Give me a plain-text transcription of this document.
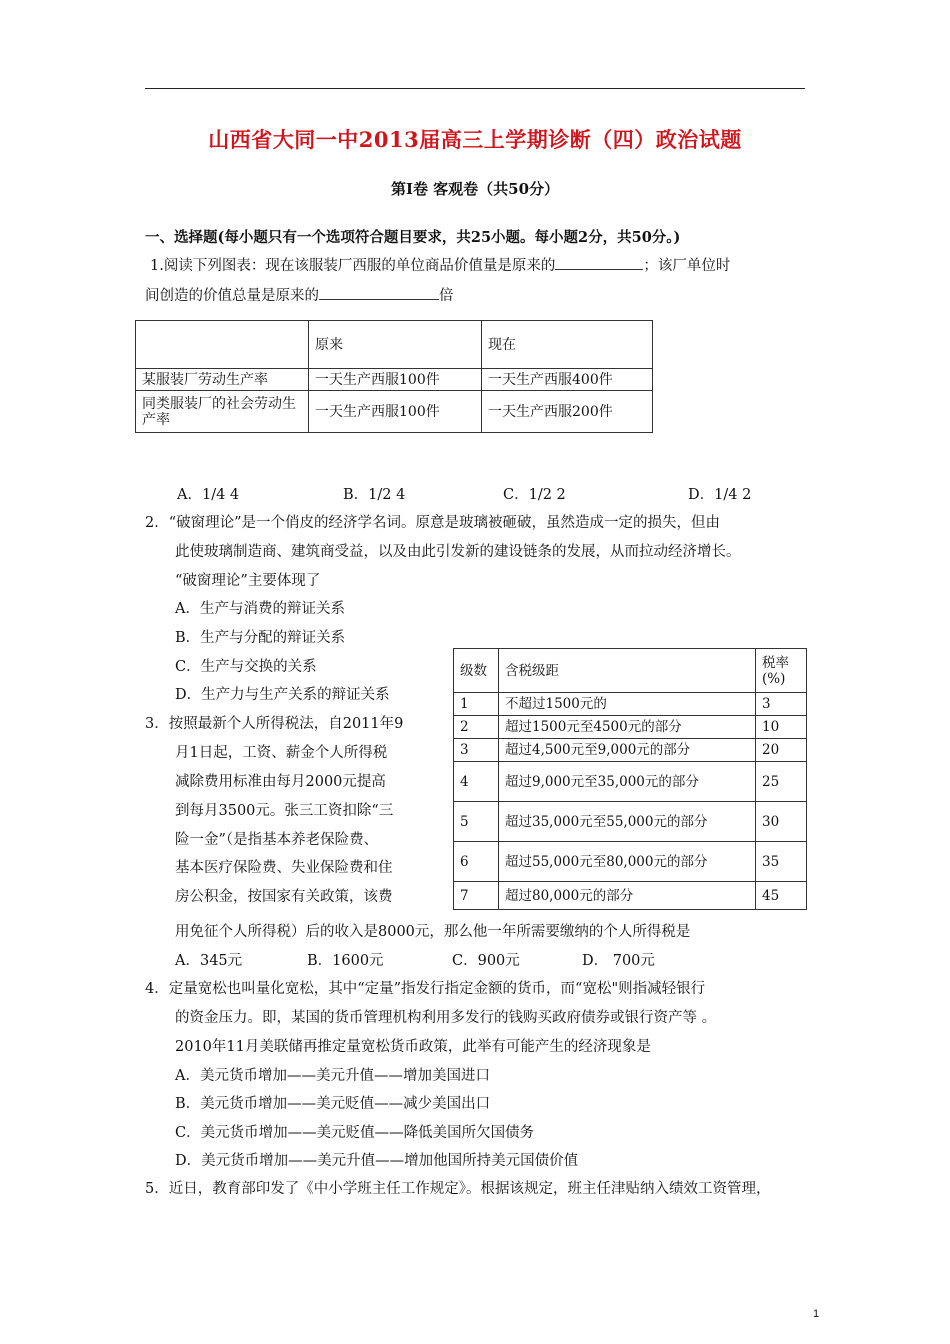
山西省大同一中2013届高三上学期诊断（四）政治试题
第Ⅰ卷 客观卷（共50分）
一、选择题(每小题只有一个选项符合题目要求，共25小题。每小题2分，共50分。)
1.阅读下列图表：现在该服装厂西服的单位商品价值量是原来的	；该厂单位时
间创造的价值总量是原来的	倍
	原来	现在
某服装厂劳动生产率	一天生产西服100件	一天生产西服400件
同类服装厂的社会劳动生产率	一天生产西服100件	一天生产西服200件
A．1/4 4	B．1/2 4	C．1/2 2	D．1/4 2
2．“破窗理论”是一个俏皮的经济学名词。原意是玻璃被砸破，虽然造成一定的损失，但由
此使玻璃制造商、建筑商受益，以及由此引发新的建设链条的发展，从而拉动经济增长。
“破窗理论”主要体现了
A．生产与消费的辩证关系
B．生产与分配的辩证关系
C．生产与交换的关系
D．生产力与生产关系的辩证关系
3．按照最新个人所得税法，自2011年9
月1日起，工资、薪金个人所得税
减除费用标准由每月2000元提高
到每月3500元。张三工资扣除“三
险一金”（是指基本养老保险费、
基本医疗保险费、失业保险费和住
房公积金，按国家有关政策，该费
用免征个人所得税）后的收入是8000元，那么他一年所需要缴纳的个人所得税是
级数	含税级距	税率(%)
1	不超过1500元的	3
2	超过1500元至4500元的部分	10
3	超过4,500元至9,000元的部分	20
4	超过9,000元至35,000元的部分	25
5	超过35,000元至55,000元的部分	30
6	超过55,000元至80,000元的部分	35
7	超过80,000元的部分	45
A．345元	B．1600元	C．900元	D． 700元
4．定量宽松也叫量化宽松，其中“定量”指发行指定金额的货币，而“宽松"则指减轻银行
的资金压力。即，某国的货币管理机构利用多发行的钱购买政府债券或银行资产等 。
2010年11月美联储再推定量宽松货币政策，此举有可能产生的经济现象是
A．美元货币增加——美元升值——增加美国进口
B．美元货币增加——美元贬值——减少美国出口
C．美元货币增加——美元贬值——降低美国所欠国债务
D．美元货币增加——美元升值——增加他国所持美元国债价值
5．近日，教育部印发了《中小学班主任工作规定》。根据该规定，班主任津贴纳入绩效工资管理，
1
